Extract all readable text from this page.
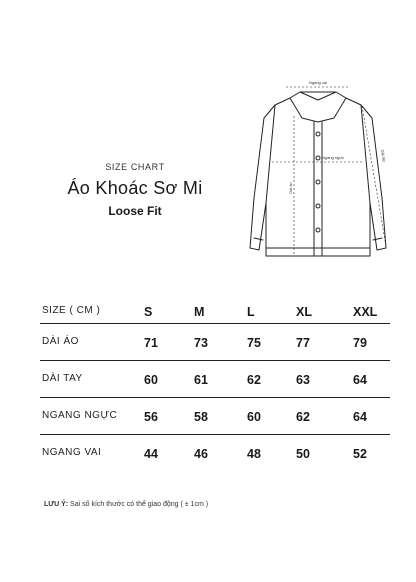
SIZE CHART
Áo Khoác Sơ Mi
Loose Fit
Ngang vai
Ngang ngực
Dài áo
Dài tay
SIZE ( CM )	S	M	L	XL	XXL
DÀI ÁO	71	73	75	77	79
DÀI TAY	60	61	62	63	64
NGANG NGỰC 56	58	60	62	64
NGANG VAI	44	46	48	50	52
LƯU Ý: Sai số kích thước có thể giao động ( ± 1cm )
